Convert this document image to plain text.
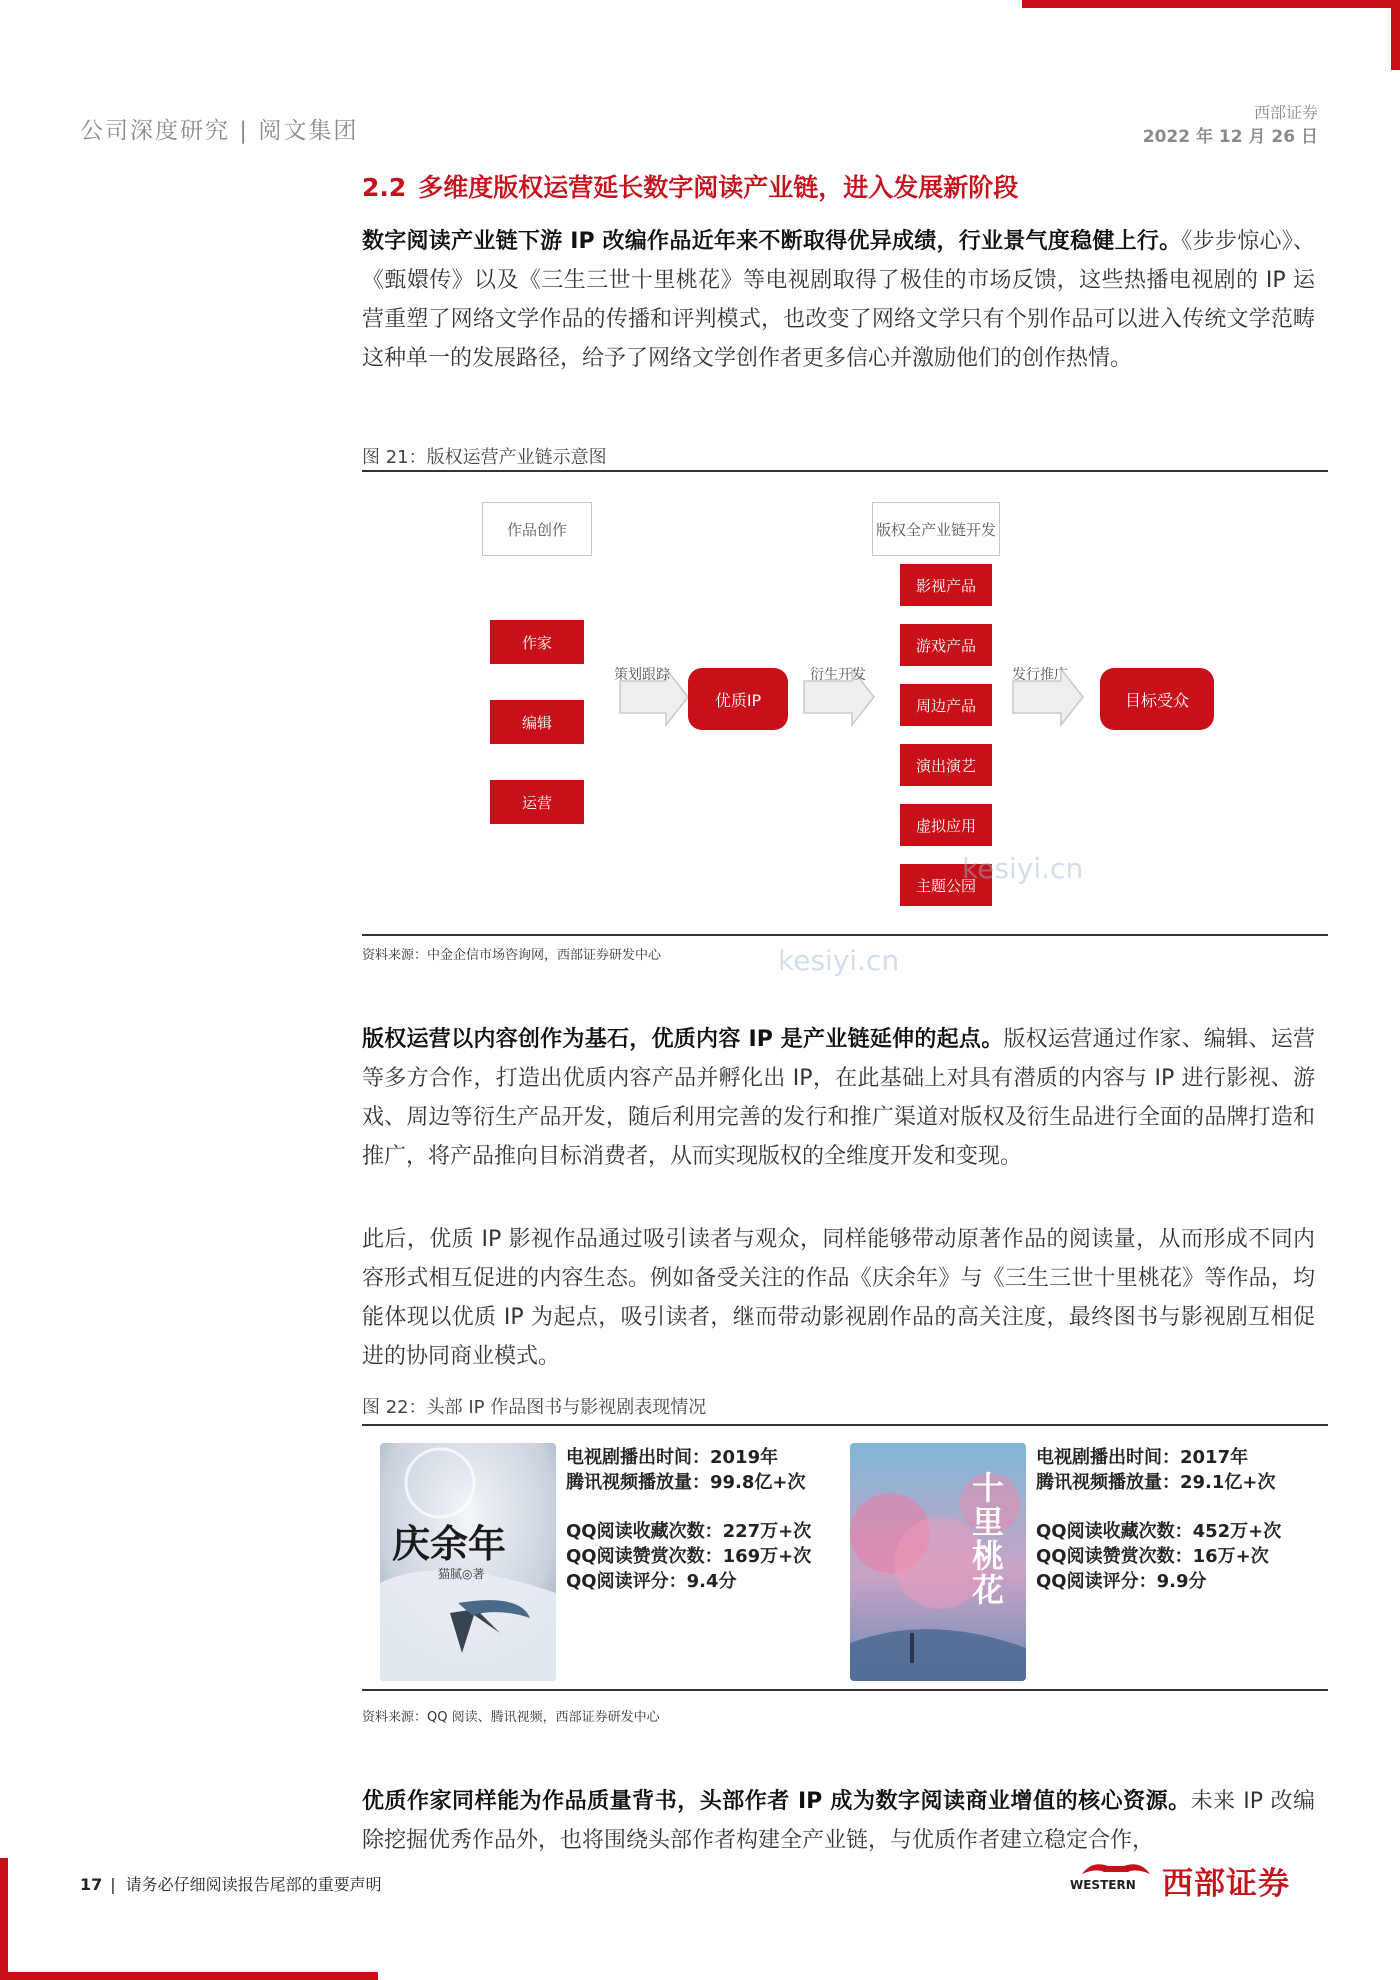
公司深度研究 | 阅文集团
西部证券
2022 年 12 月 26 日
2.2 多维度版权运营延长数字阅读产业链，进入发展新阶段
数字阅读产业链下游 IP 改编作品近年来不断取得优异成绩，行业景气度稳健上行。《步步惊心》、《甄嬛传》以及《三生三世十里桃花》等电视剧取得了极佳的市场反馈，这些热播电视剧的 IP 运营重塑了网络文学作品的传播和评判模式，也改变了网络文学只有个别作品可以进入传统文学范畴这种单一的发展路径，给予了网络文学创作者更多信心并激励他们的创作热情。
图 21：版权运营产业链示意图
作品创作	版权全产业链开发
作家
编辑
运营
策划跟踪
优质IP
衍生开发
影视产品
游戏产品
周边产品
演出演艺
虚拟应用
主题公园
发行推广
目标受众
kesiyi.cn
资料来源：中金企信市场咨询网，西部证券研发中心	kesiyi.cn
版权运营以内容创作为基石，优质内容 IP 是产业链延伸的起点。版权运营通过作家、编辑、运营等多方合作，打造出优质内容产品并孵化出 IP，在此基础上对具有潜质的内容与 IP 进行影视、游戏、周边等衍生产品开发，随后利用完善的发行和推广渠道对版权及衍生品进行全面的品牌打造和推广，将产品推向目标消费者，从而实现版权的全维度开发和变现。
此后，优质 IP 影视作品通过吸引读者与观众，同样能够带动原著作品的阅读量，从而形成不同内容形式相互促进的内容生态。例如备受关注的作品《庆余年》与《三生三世十里桃花》等作品，均能体现以优质 IP 为起点，吸引读者，继而带动影视剧作品的高关注度，最终图书与影视剧互相促进的协同商业模式。
图 22：头部 IP 作品图书与影视剧表现情况
庆余年
猫腻◎著
电视剧播出时间：2019年
腾讯视频播放量：99.8亿+次
QQ阅读收藏次数：227万+次
QQ阅读赞赏次数：169万+次
QQ阅读评分：9.4分
十里桃花
电视剧播出时间：2017年
腾讯视频播放量：29.1亿+次
QQ阅读收藏次数：452万+次
QQ阅读赞赏次数：16万+次
QQ阅读评分：9.9分
资料来源：QQ 阅读、腾讯视频，西部证券研发中心
优质作家同样能为作品质量背书，头部作者 IP 成为数字阅读商业增值的核心资源。未来 IP 改编除挖掘优秀作品外，也将围绕头部作者构建全产业链，与优质作者建立稳定合作，
17 | 请务必仔细阅读报告尾部的重要声明	WESTERN 西部证券
